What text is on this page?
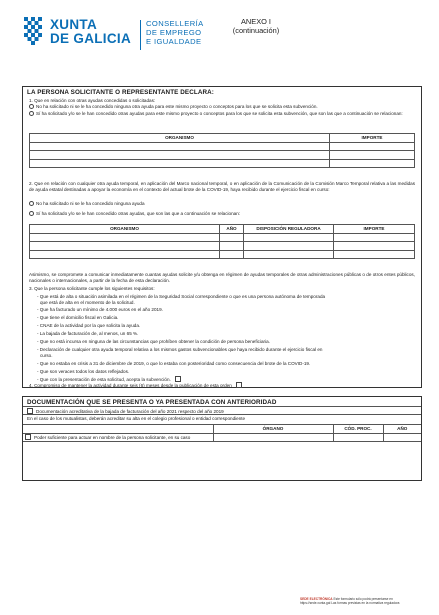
XUNTA
DE GALICIA
CONSELLERÍA
DE EMPREGO
E IGUALDADE
ANEXO I
(continuación)
LA PERSONA SOLICITANTE O REPRESENTANTE DECLARA:
1. Que en relación con otras ayudas concedidas o solicitadas:
No ha solicitado ni se le ha concedido ninguna otra ayuda para este mismo proyecto o conceptos para los que se solicita esta subvención.
Sí ha solicitado y/o se le han concedido otras ayudas para este mismo proyecto o conceptos para los que se solicita esta subvención, que son las que a continuación se relacionan:
ORGANISMO	IMPORTE

2. Que en relación con cualquier otra ayuda temporal, en aplicación del Marco nacional temporal, o en aplicación de la Comunicación de la Comisión Marco Temporal relativa a las medidas de ayuda estatal destinadas a apoyar la economía en el contexto del actual brote de la COVID-19, haya recibido durante el ejercicio fiscal en curso:
No ha solicitado ni se le ha concedido ninguna ayuda
Sí ha solicitado y/o se le han concedido otras ayudas, que son las que a continuación se relacionan:
ORGANISMO	AÑO	DISPOSICIÓN REGULADORA	IMPORTE

Asimismo, se compromete a comunicar inmediatamente cuantas ayudas solicite y/u obtenga en régimen de ayudas temporales de otras administraciones públicas o de otros entes públicos, nacionales o internacionales, a partir de la fecha de esta declaración.
3. Que la persona solicitante cumple los siguientes requisitos:
- Que está de alta o situación asimilada en el régimen de la Seguridad Social correspondiente o que es una persona autónoma de temporada
que está de alta en el momento de la solicitud.
- Que ha facturado un mínimo de 4.000 euros en el año 2019.
- Que tiene el domicilio fiscal en Galicia.
- CNAE de la actividad por la que solicita la ayuda.
- La bajada de facturación de, al menos, un 65 %.
- Que no está incursa en ninguna de las circunstancias que prohíben obtener la condición de persona beneficiaria.
- Declaración de cualquier otra ayuda temporal relativa a los mismos gastos subvencionables que haya recibido durante el ejercicio fiscal en
curso.
- Que no estaba en crisis a 31 de diciembre de 2019, o que lo estaba con posterioridad como consecuencia del brote de la COVID-19.
- Que son veraces todos los datos reflejados.
- Que con la presentación de esta solicitud, acepta la subvención.
4. Compromiso de mantener la actividad durante seis (6) meses desde la publicación de esta orden
DOCUMENTACIÓN QUE SE PRESENTA O YA PRESENTADA CON ANTERIORIDAD
Documentación acreditativa de la bajada de facturación del año 2021 respecto del año 2019
En el caso de los mutualistas, deberán acreditar su alta en el colegio profesional o entidad correspondiente
	ÓRGANO	CÓD. PROC.	AÑO
Poder suficiente para actuar en nombre de la persona solicitante, en su caso			
SEDE ELECTRÓNICA Este formulario sólo podrá presentarse en
https://sede.xunta.gal Las formas previstas en la normativa reguladora
